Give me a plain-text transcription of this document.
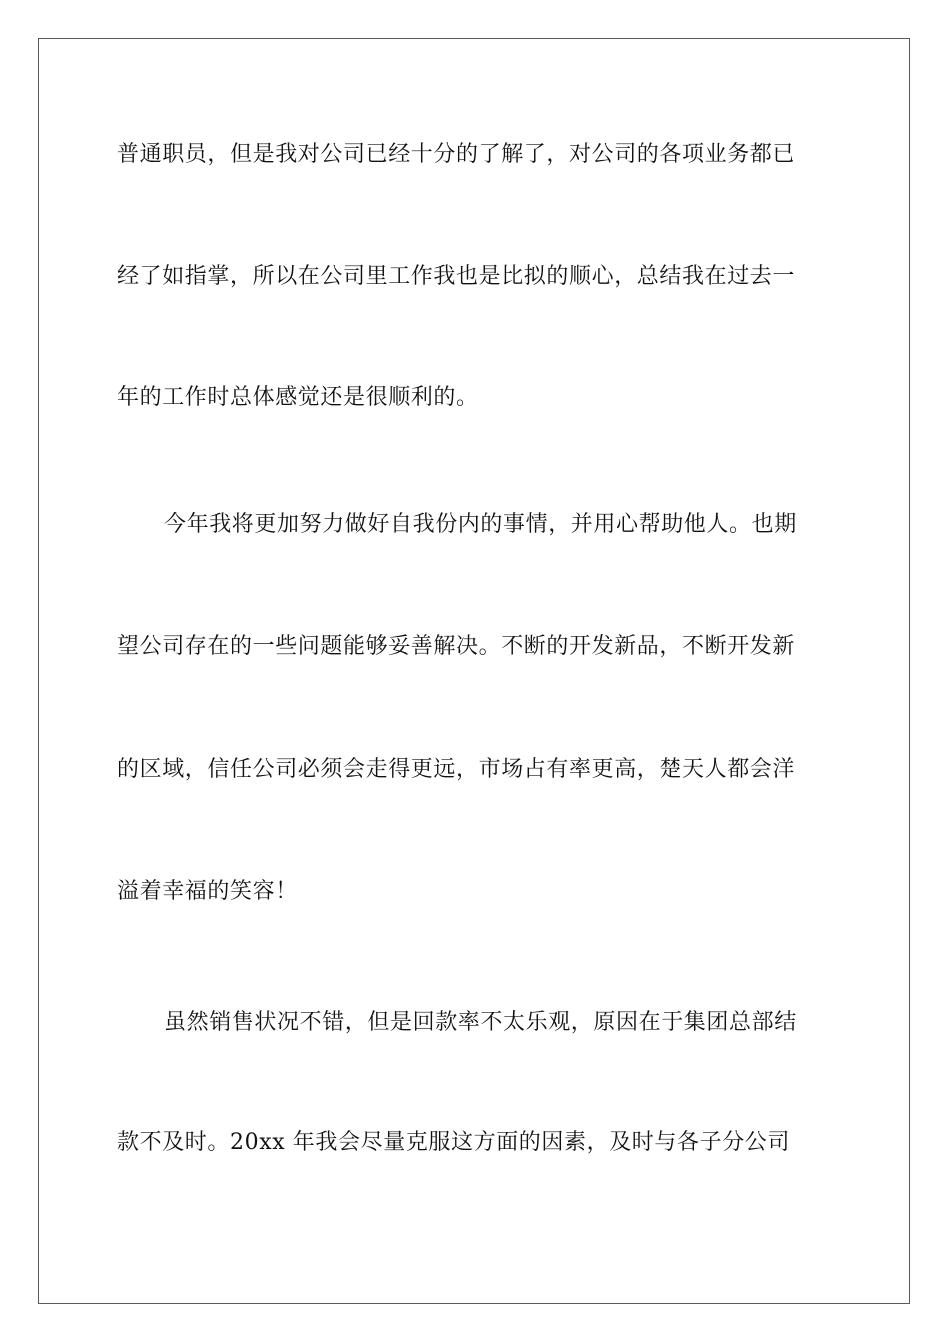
普通职员，但是我对公司已经十分的了解了，对公司的各项业务都已
经了如指掌，所以在公司里工作我也是比拟的顺心，总结我在过去一
年的工作时总体感觉还是很顺利的。
今年我将更加努力做好自我份内的事情，并用心帮助他人。也期
望公司存在的一些问题能够妥善解决。不断的开发新品，不断开发新
的区域，信任公司必须会走得更远，市场占有率更高，楚天人都会洋
溢着幸福的笑容！
虽然销售状况不错，但是回款率不太乐观，原因在于集团总部结
款不及时。20xx 年我会尽量克服这方面的因素，及时与各子分公司
